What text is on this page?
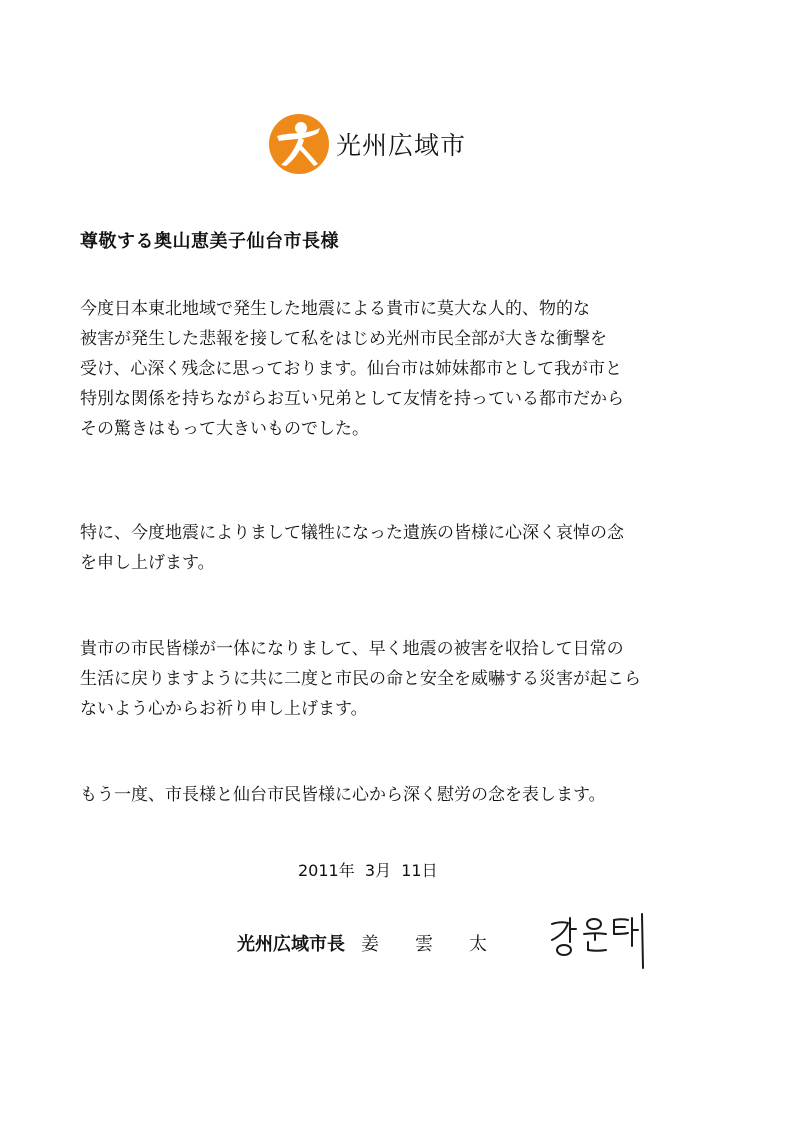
光州広域市
尊敬する奥山恵美子仙台市長様

今度日本東北地域で発生した地震による貴市に莫大な人的、物的な
被害が発生した悲報を接して私をはじめ光州市民全部が大きな衝撃を
受け、心深く残念に思っております。仙台市は姉妹都市として我が市と
特別な関係を持ちながらお互い兄弟として友情を持っている都市だから
その驚きはもって大きいものでした。

特に、今度地震によりまして犠牲になった遺族の皆様に心深く哀悼の念
を申し上げます。

貴市の市民皆様が一体になりまして、早く地震の被害を収拾して日常の
生活に戻りますように共に二度と市民の命と安全を威嚇する災害が起こら
ないよう心からお祈り申し上げます。

もう一度、市長様と仙台市民皆様に心から深く慰労の念を表します。

2011年  3月  11日
光州広域市長 姜　　雲　　太
